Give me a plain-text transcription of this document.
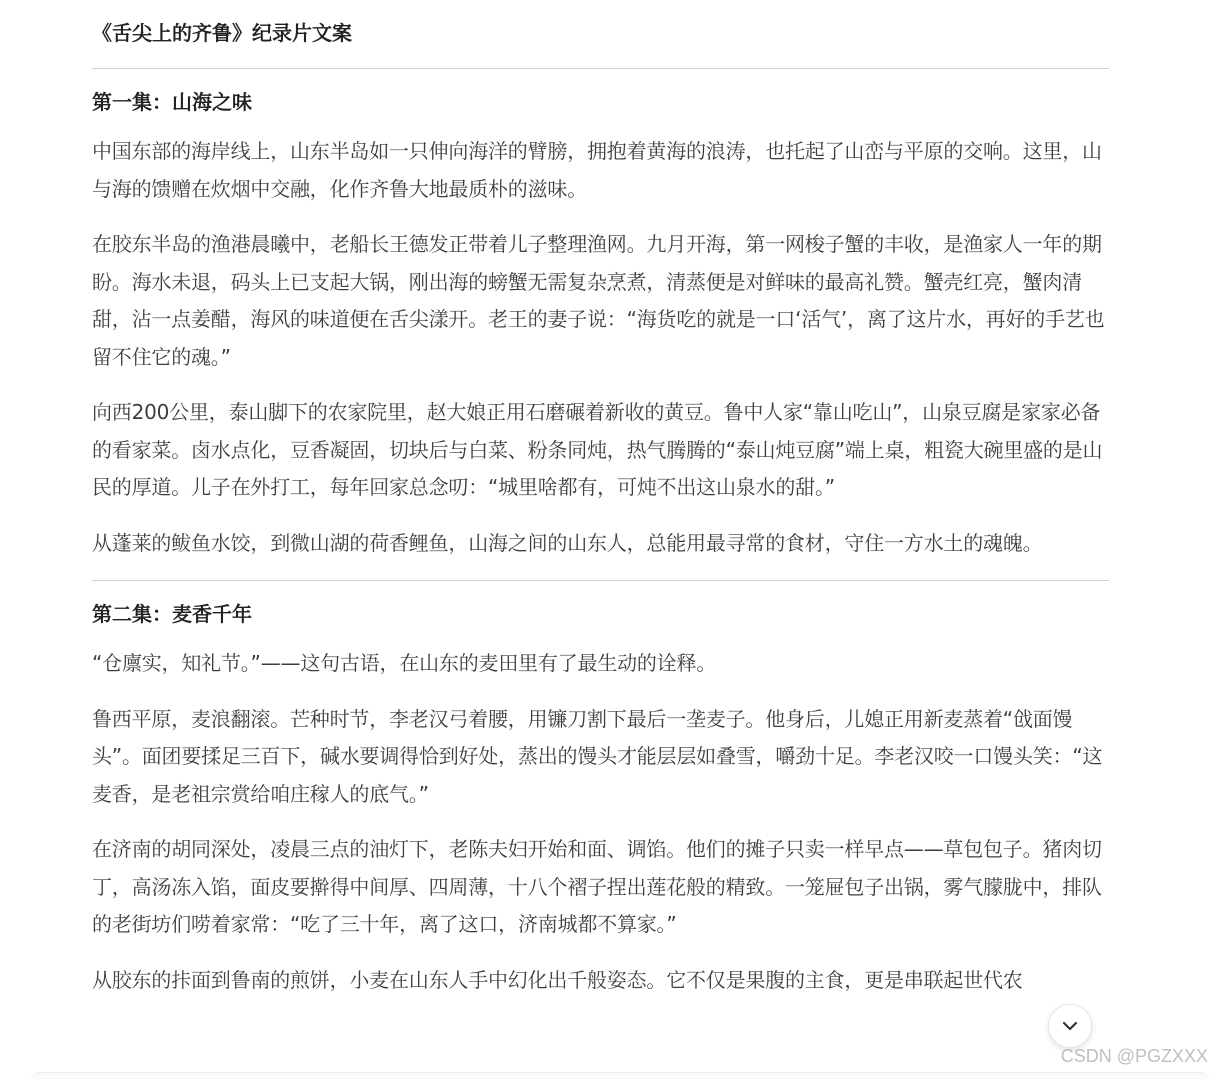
《舌尖上的齐鲁》纪录片文案
第一集：山海之味

中国东部的海岸线上，山东半岛如一只伸向海洋的臂膀，拥抱着黄海的浪涛，也托起了山峦与平原的交响。这里，山与海的馈赠在炊烟中交融，化作齐鲁大地最质朴的滋味。

在胶东半岛的渔港晨曦中，老船长王德发正带着儿子整理渔网。九月开海，第一网梭子蟹的丰收，是渔家人一年的期盼。海水未退，码头上已支起大锅，刚出海的螃蟹无需复杂烹煮，清蒸便是对鲜味的最高礼赞。蟹壳红亮，蟹肉清甜，沾一点姜醋，海风的味道便在舌尖漾开。老王的妻子说：“海货吃的就是一口‘活气’，离了这片水，再好的手艺也留不住它的魂。”

向西200公里，泰山脚下的农家院里，赵大娘正用石磨碾着新收的黄豆。鲁中人家“靠山吃山”，山泉豆腐是家家必备的看家菜。卤水点化，豆香凝固，切块后与白菜、粉条同炖，热气腾腾的“泰山炖豆腐”端上桌，粗瓷大碗里盛的是山民的厚道。儿子在外打工，每年回家总念叨：“城里啥都有，可炖不出这山泉水的甜。”

从蓬莱的鲅鱼水饺，到微山湖的荷香鲤鱼，山海之间的山东人，总能用最寻常的食材，守住一方水土的魂魄。

第二集：麦香千年

“仓廪实，知礼节。”——这句古语，在山东的麦田里有了最生动的诠释。

鲁西平原，麦浪翻滚。芒种时节，李老汉弓着腰，用镰刀割下最后一垄麦子。他身后，儿媳正用新麦蒸着“戗面馒头”。面团要揉足三百下，碱水要调得恰到好处，蒸出的馒头才能层层如叠雪，嚼劲十足。李老汉咬一口馒头笑：“这麦香，是老祖宗赏给咱庄稼人的底气。”

在济南的胡同深处，凌晨三点的油灯下，老陈夫妇开始和面、调馅。他们的摊子只卖一样早点——草包包子。猪肉切丁，高汤冻入馅，面皮要擀得中间厚、四周薄，十八个褶子捏出莲花般的精致。一笼屉包子出锅，雾气朦胧中，排队的老街坊们唠着家常：“吃了三十年，离了这口，济南城都不算家。”

从胶东的拤面到鲁南的煎饼，小麦在山东人手中幻化出千般姿态。它不仅是果腹的主食，更是串联起世代农

CSDN @PGZXXX
